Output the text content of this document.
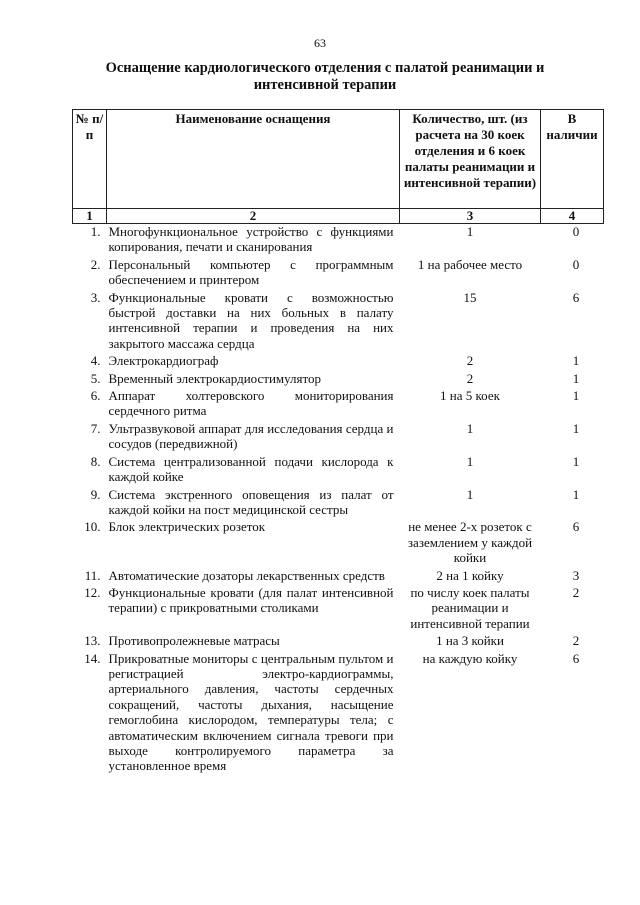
63
Оснащение кардиологического отделения с палатой реанимации и интенсивной терапии
№ п/п	Наименование оснащения	Количество, шт. (из расчета на 30 коек отделения и 6 коек палаты реанимации и интенсивной терапии)	В наличии
1	2	3	4
1.	Многофункциональное устройство с функциями копирования, печати и сканирования	1	0
2.	Персональный компьютер с программным обеспечением и принтером	1 на рабочее место	0
3.	Функциональные кровати с возможностью быстрой доставки на них больных в палату интенсивной терапии и проведения на них закрытого массажа сердца	15	6
4.	Электрокардиограф	2	1
5.	Временный электрокардиостимулятор	2	1
6.	Аппарат холтеровского мониторирования сердечного ритма	1 на 5 коек	1
7.	Ультразвуковой аппарат для исследования сердца и сосудов (передвижной)	1	1
8.	Система централизованной подачи кислорода к каждой койке	1	1
9.	Система экстренного оповещения из палат от каждой койки на пост медицинской сестры	1	1
10.	Блок электрических розеток	не менее 2-х розеток с заземлением у каждой койки	6
11.	Автоматические дозаторы лекарственных средств	2 на 1 койку	3
12.	Функциональные кровати (для палат интенсивной терапии) с прикроватными столиками	по числу коек палаты реанимации и интенсивной терапии	2
13.	Противопролежневые матрасы	1 на 3 койки	2
14.	Прикроватные мониторы с центральным пультом и регистрацией электро-кардиограммы, артериального давления, частоты сердечных сокращений, частоты дыхания, насыщение гемоглобина кислородом, температуры тела; с автоматическим включением сигнала тревоги при выходе контролируемого параметра за установленное время	на каждую койку	6
